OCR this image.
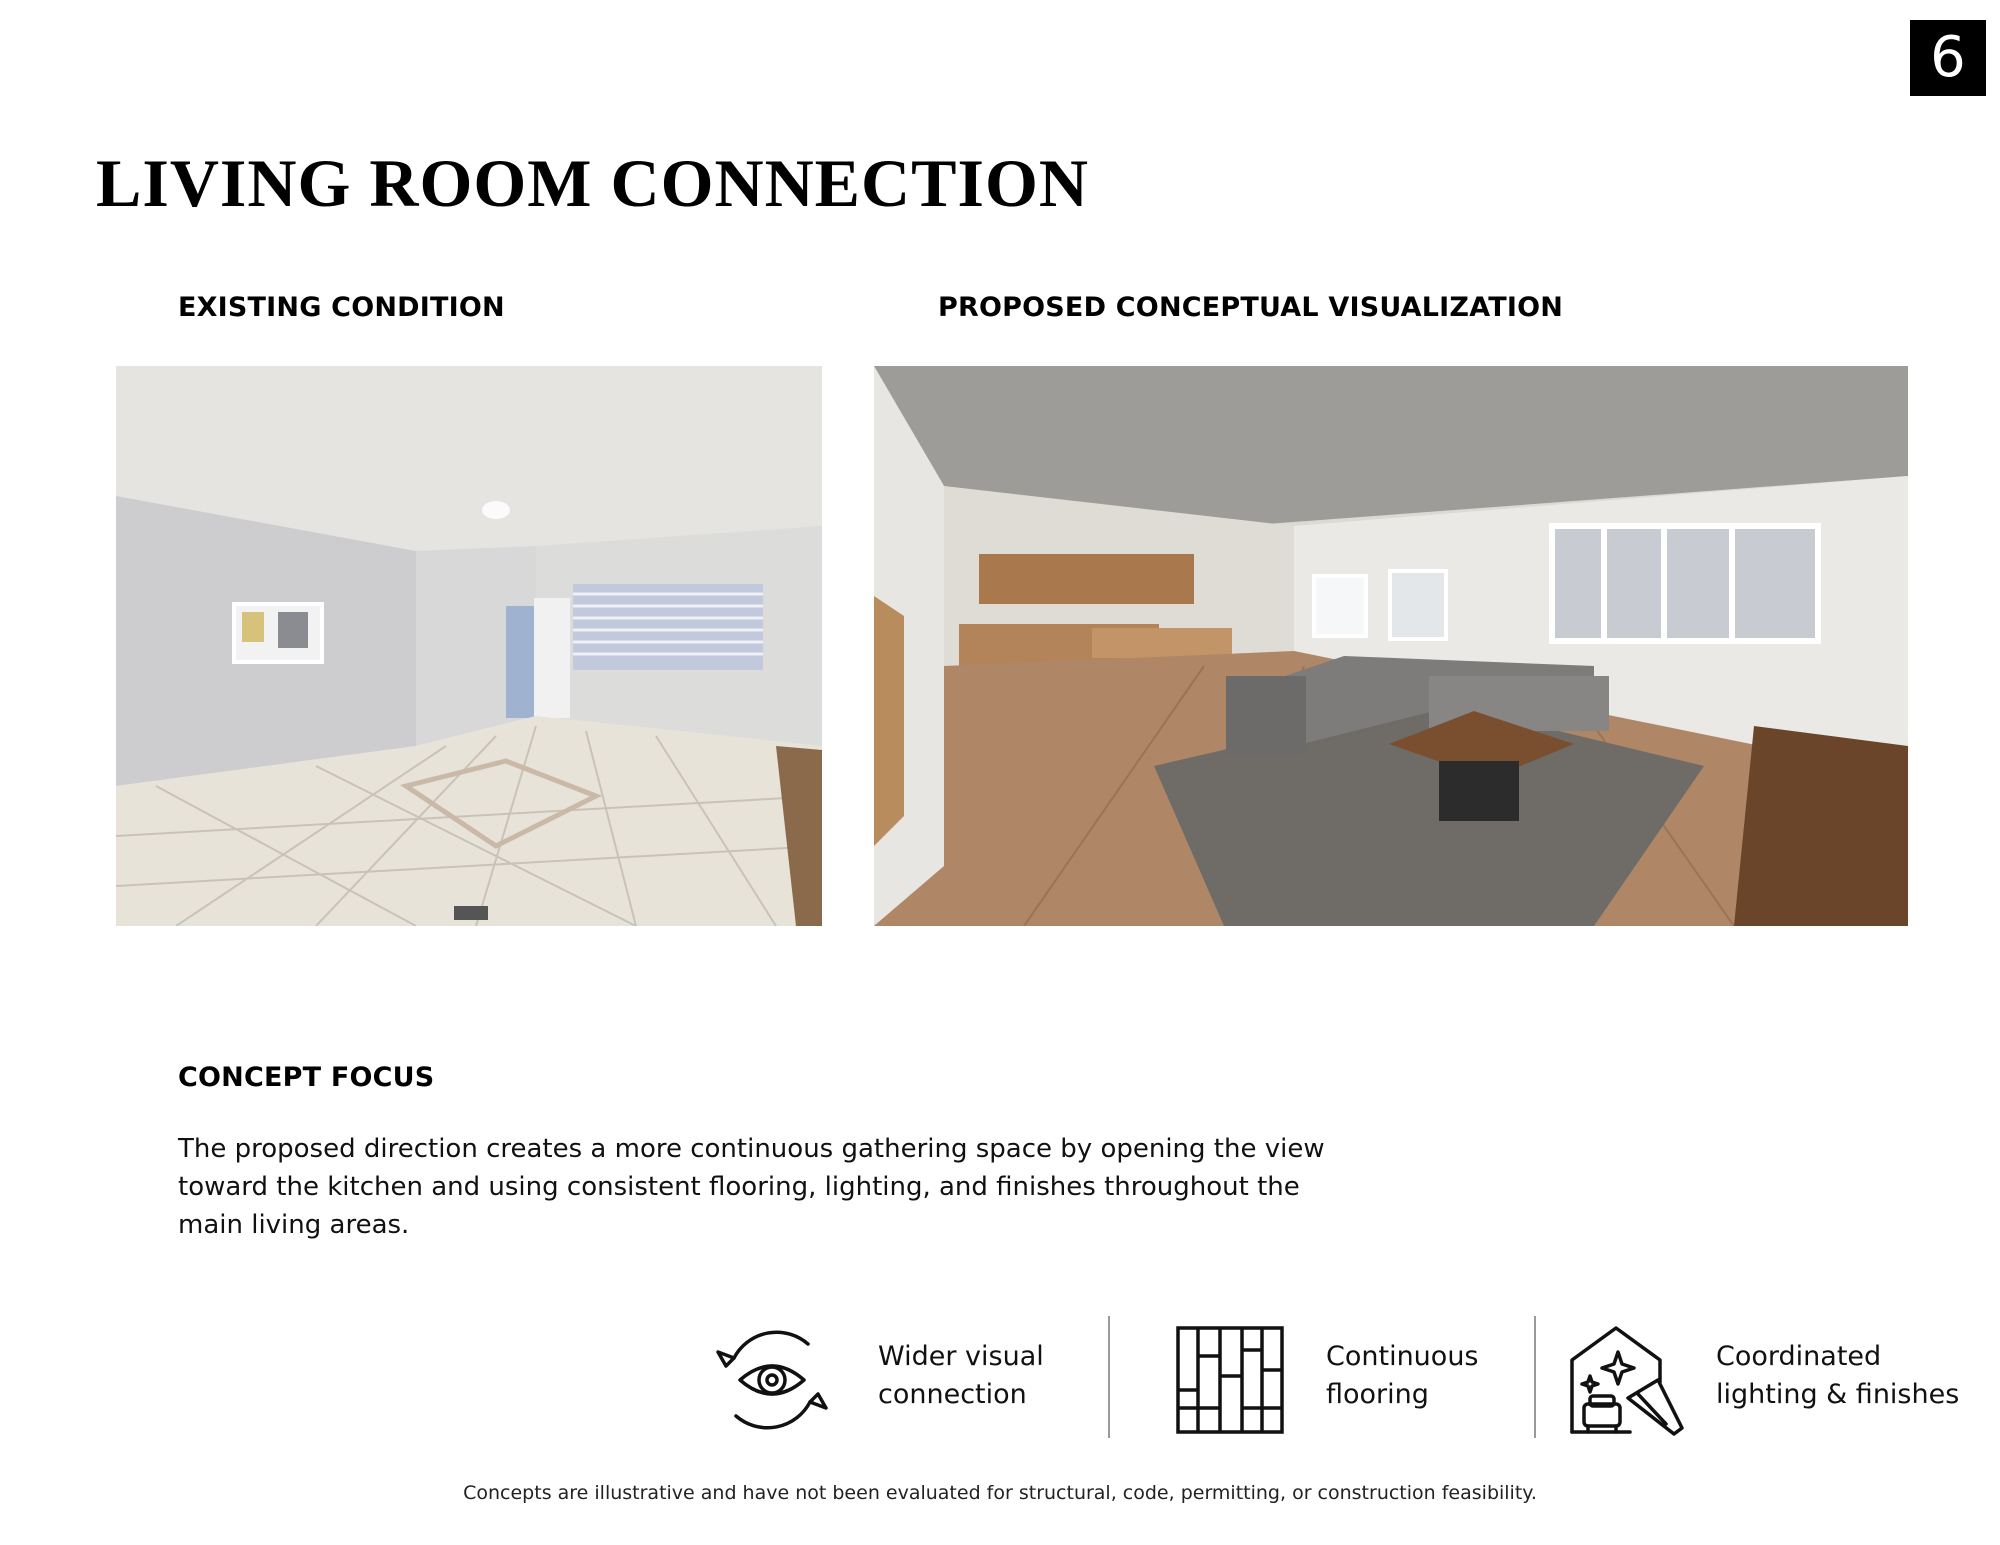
6
LIVING ROOM CONNECTION
EXISTING CONDITION	PROPOSED CONCEPTUAL VISUALIZATION
CONCEPT FOCUS

The proposed direction creates a more continuous gathering space by opening the view toward the kitchen and using consistent flooring, lighting, and finishes throughout the main living areas.

Wider visual
connection
Continuous
flooring
Coordinated
lighting & finishes

Concepts are illustrative and have not been evaluated for structural, code, permitting, or construction feasibility.
